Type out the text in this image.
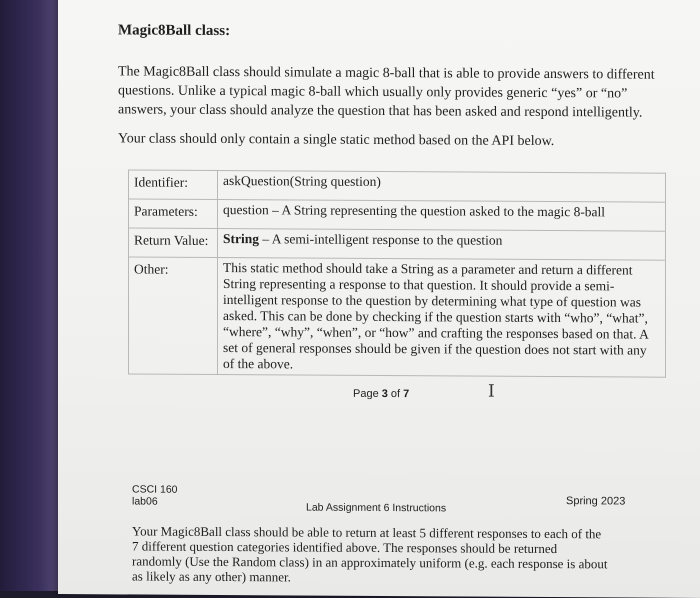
Magic8Ball class:
The Magic8Ball class should simulate a magic 8-ball that is able to provide answers to different questions. Unlike a typical magic 8-ball which usually only provides generic “yes” or “no” answers, your class should analyze the question that has been asked and respond intelligently.
Your class should only contain a single static method based on the API below.
Identifier:	askQuestion(String question)
Parameters:	question – A String representing the question asked to the magic 8-ball
Return Value:	String – A semi-intelligent response to the question
Other:	This static method should take a String as a parameter and return a different String representing a response to that question. It should provide a semi-intelligent response to the question by determining what type of question was asked. This can be done by checking if the question starts with “who”, “what”, “where”, “why”, “when”, or “how” and crafting the responses based on that. A set of general responses should be given if the question does not start with any of the above.
Page 3 of 7	I
CSCI 160
lab06	Spring 2023
Lab Assignment 6 Instructions
Your Magic8Ball class should be able to return at least 5 different responses to each of the 7 different question categories identified above. The responses should be returned randomly (Use the Random class) in an approximately uniform (e.g. each response is about as likely as any other) manner.
